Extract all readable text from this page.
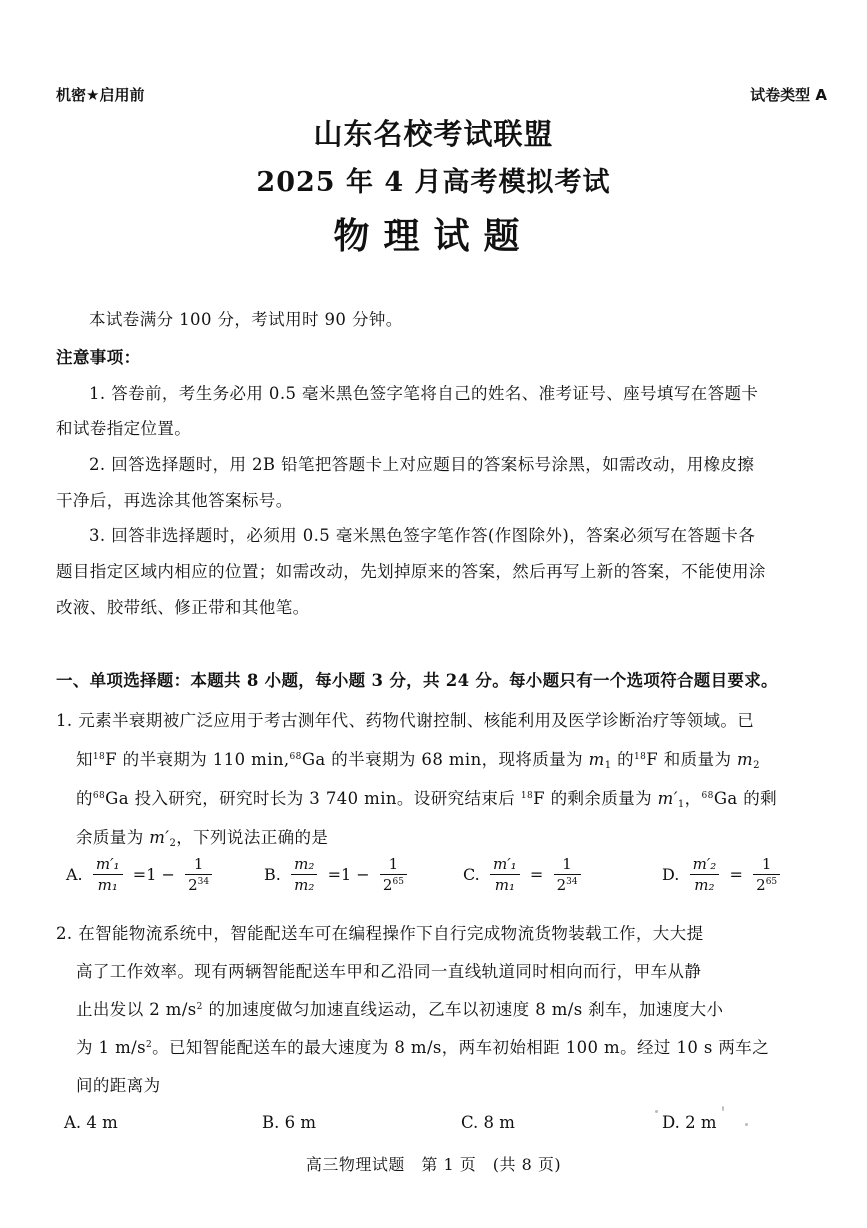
机密★启用前	试卷类型 A
山东名校考试联盟
2025 年 4 月高考模拟考试
物理试题
本试卷满分 100 分，考试用时 90 分钟。
注意事项：
1. 答卷前，考生务必用 0.5 毫米黑色签字笔将自己的姓名、准考证号、座号填写在答题卡
和试卷指定位置。
2. 回答选择题时，用 2B 铅笔把答题卡上对应题目的答案标号涂黑，如需改动，用橡皮擦
干净后，再选涂其他答案标号。
3. 回答非选择题时，必须用 0.5 毫米黑色签字笔作答(作图除外)，答案必须写在答题卡各
题目指定区域内相应的位置；如需改动，先划掉原来的答案，然后再写上新的答案，不能使用涂
改液、胶带纸、修正带和其他笔。
一、单项选择题：本题共 8 小题，每小题 3 分，共 24 分。每小题只有一个选项符合题目要求。
1. 元素半衰期被广泛应用于考古测年代、药物代谢控制、核能利用及医学诊断治疗等领域。已
知$^{18}$F 的半衰期为 110 min,$^{68}$Ga 的半衰期为 68 min，现将质量为 $m_1$ 的$^{18}$F 和质量为 $m_2$
的$^{68}$Ga 投入研究，研究时长为 3 740 min。设研究结束后 $^{18}$F 的剩余质量为 $m'_1$，$^{68}$Ga 的剩
余质量为 $m'_2$，下列说法正确的是
A. $\frac{\text{m′₁}}{\text{m₁}} =1 - \frac{1}{2^{34}}$	B. $\frac{\text{m₂}}{\text{m₂}} =1 - \frac{1}{2^{65}}$	C. $\frac{\text{m′₁}}{\text{m₁}} = \frac{1}{2^{34}}$	D. $\frac{\text{m′₂}}{\text{m₂}} = \frac{1}{2^{65}}$
2. 在智能物流系统中，智能配送车可在编程操作下自行完成物流货物装载工作，大大提
高了工作效率。现有两辆智能配送车甲和乙沿同一直线轨道同时相向而行，甲车从静
止出发以 2 $m/s^2$ 的加速度做匀加速直线运动，乙车以初速度 8 m/s 刹车，加速度大小
为 1 $m/s^2$。已知智能配送车的最大速度为 8 m/s，两车初始相距 100 m。经过 10 s 两车之
间的距离为
A. 4 m	B. 6 m	C. 8 m	D. 2 m
高三物理试题　第 1 页　(共 8 页)
